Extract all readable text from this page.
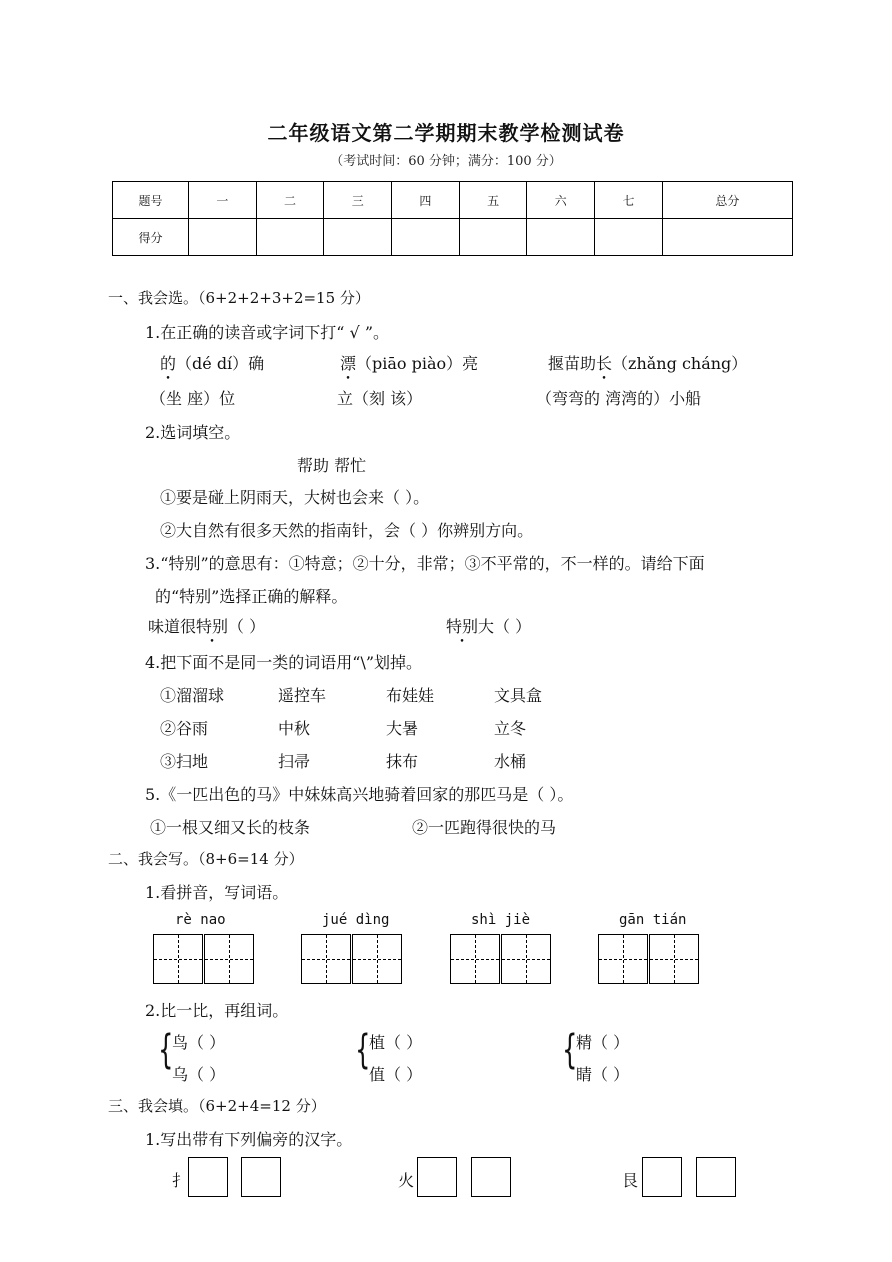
二年级语文第二学期期末教学检测试卷
（考试时间：60 分钟；满分：100 分）
题号	一	二	三	四	五	六	七	总分
得分								
一、我会选。（6+2+2+3+2=15 分）
1.在正确的读音或字词下打“ √ ”。
的（dé dí）确	漂（piāo piào）亮	揠苗助长（zhǎng cháng）
（坐 座）位	立（刻 该）	（弯弯的 湾湾的）小船
2.选词填空。
帮助 帮忙
①要是碰上阴雨天，大树也会来（ ）。
②大自然有很多天然的指南针，会（ ）你辨别方向。
3.“特别”的意思有：①特意；②十分，非常；③不平常的，不一样的。请给下面
的“特别”选择正确的解释。
味道很特别（ ）	特别大（ ）
4.把下面不是同一类的词语用“\”划掉。
①溜溜球	遥控车	布娃娃	文具盒
②谷雨	中秋	大暑	立冬
③扫地	扫帚	抹布	水桶
5.《一匹出色的马》中妹妹高兴地骑着回家的那匹马是（ ）。
①一根又细又长的枝条	②一匹跑得很快的马
二、我会写。（8+6=14 分）
1.看拼音，写词语。
rè nao	jué dìng	shì jiè	gān tián
2.比一比，再组词。
{
鸟（ ）
乌（ ）
{
植（ ）
值（ ）
{
精（ ）
睛（ ）
三、我会填。（6+2+4=12 分）
1.写出带有下列偏旁的汉字。
扌	火	艮
